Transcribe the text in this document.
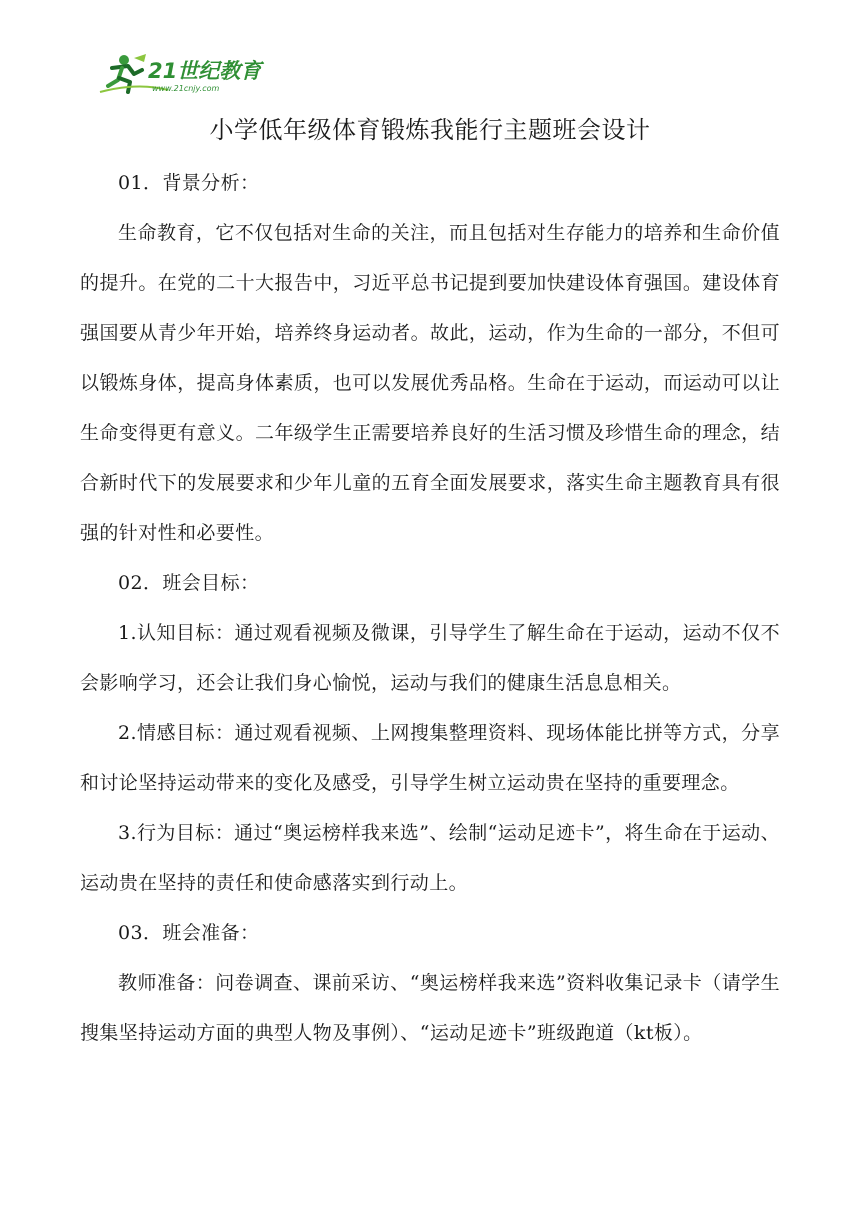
21世纪教育
www.21cnjy.com
小学低年级体育锻炼我能行主题班会设计

01．背景分析：

生命教育，它不仅包括对生命的关注，而且包括对生存能力的培养和生命价值的提升。在党的二十大报告中，习近平总书记提到要加快建设体育强国。建设体育强国要从青少年开始，培养终身运动者。故此，运动，作为生命的一部分，不但可以锻炼身体，提高身体素质，也可以发展优秀品格。生命在于运动，而运动可以让生命变得更有意义。二年级学生正需要培养良好的生活习惯及珍惜生命的理念，结合新时代下的发展要求和少年儿童的五育全面发展要求，落实生命主题教育具有很强的针对性和必要性。

02．班会目标：

1.认知目标：通过观看视频及微课，引导学生了解生命在于运动，运动不仅不会影响学习，还会让我们身心愉悦，运动与我们的健康生活息息相关。

2.情感目标：通过观看视频、上网搜集整理资料、现场体能比拼等方式，分享和讨论坚持运动带来的变化及感受，引导学生树立运动贵在坚持的重要理念。

3.行为目标：通过“奥运榜样我来选”、绘制“运动足迹卡”，将生命在于运动、运动贵在坚持的责任和使命感落实到行动上。

03．班会准备：

教师准备：问卷调查、课前采访、“奥运榜样我来选”资料收集记录卡（请学生搜集坚持运动方面的典型人物及事例）、“运动足迹卡”班级跑道（kt板）。
